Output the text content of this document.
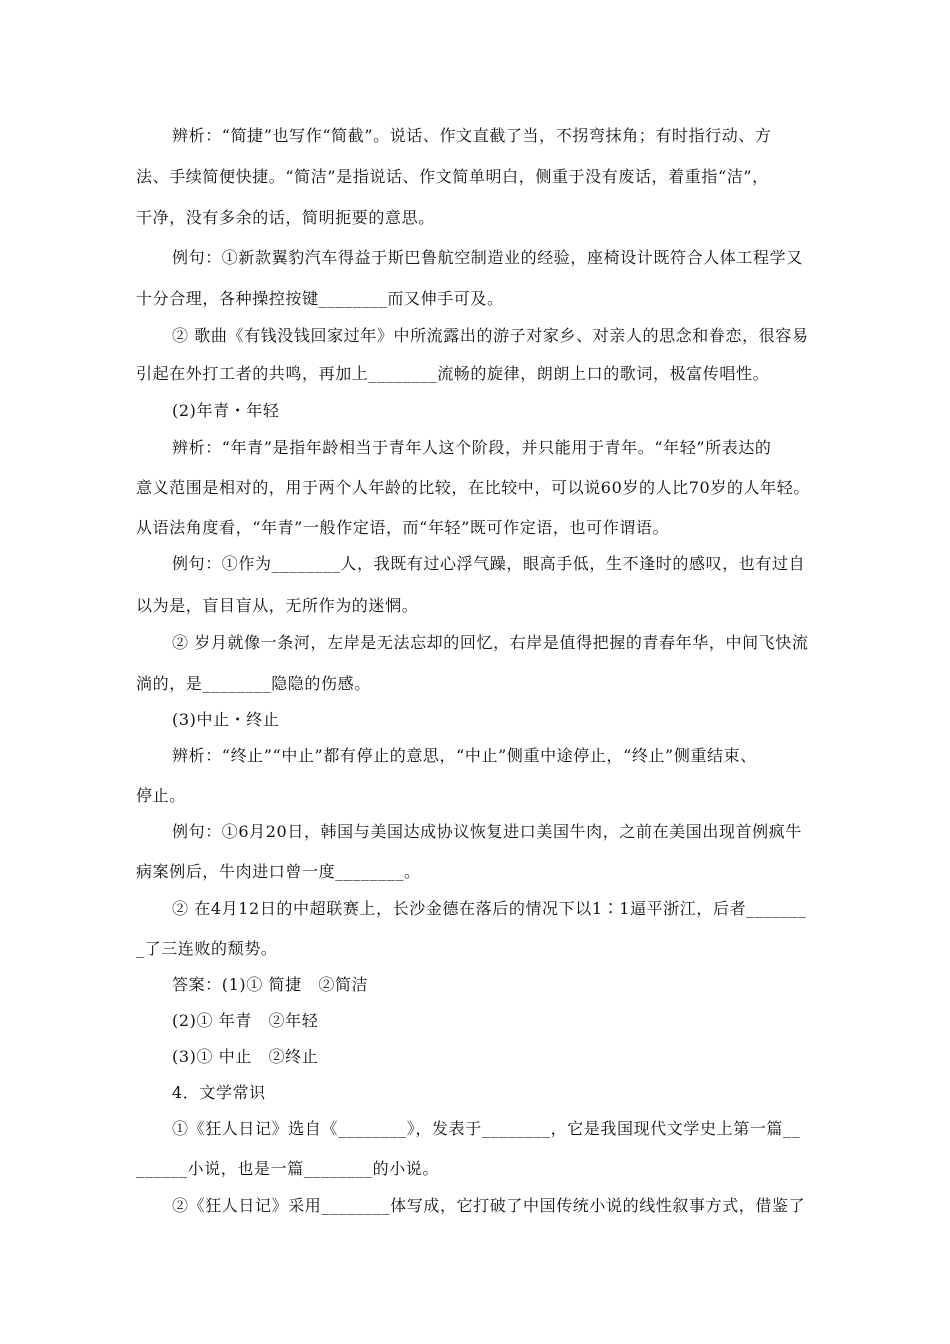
辨析：“简捷”也写作“简截”。说话、作文直截了当，不拐弯抹角；有时指行动、方
法、手续简便快捷。“简洁”是指说话、作文简单明白，侧重于没有废话，着重指“洁”，
干净，没有多余的话，简明扼要的意思。
例句：①新款翼豹汽车得益于斯巴鲁航空制造业的经验，座椅设计既符合人体工程学又
十分合理，各种操控按键________而又伸手可及。
② 歌曲《有钱没钱回家过年》中所流露出的游子对家乡、对亲人的思念和眷恋，很容易
引起在外打工者的共鸣，再加上________流畅的旋律，朗朗上口的歌词，极富传唱性。
(2)年青・年轻
辨析：“年青”是指年龄相当于青年人这个阶段，并只能用于青年。“年轻”所表达的
意义范围是相对的，用于两个人年龄的比较，在比较中，可以说60岁的人比70岁的人年轻。
从语法角度看，“年青”一般作定语，而“年轻”既可作定语，也可作谓语。
例句：①作为________人，我既有过心浮气躁，眼高手低，生不逢时的感叹，也有过自
以为是，盲目盲从，无所作为的迷惘。
② 岁月就像一条河，左岸是无法忘却的回忆，右岸是值得把握的青春年华，中间飞快流
淌的，是________隐隐的伤感。
(3)中止・终止
辨析：“终止”“中止”都有停止的意思，“中止”侧重中途停止，“终止”侧重结束、
停止。
例句：①6月20日，韩国与美国达成协议恢复进口美国牛肉，之前在美国出现首例疯牛
病案例后，牛肉进口曾一度________。
② 在4月12日的中超联赛上，长沙金德在落后的情况下以1∶1逼平浙江，后者_______
_了三连败的颓势。
答案：(1)① 简捷　②简洁
(2)① 年青　②年轻
(3)① 中止　②终止
4．文学常识
①《狂人日记》选自《________》，发表于________，它是我国现代文学史上第一篇__
______小说，也是一篇________的小说。
②《狂人日记》采用________体写成，它打破了中国传统小说的线性叙事方式，借鉴了
